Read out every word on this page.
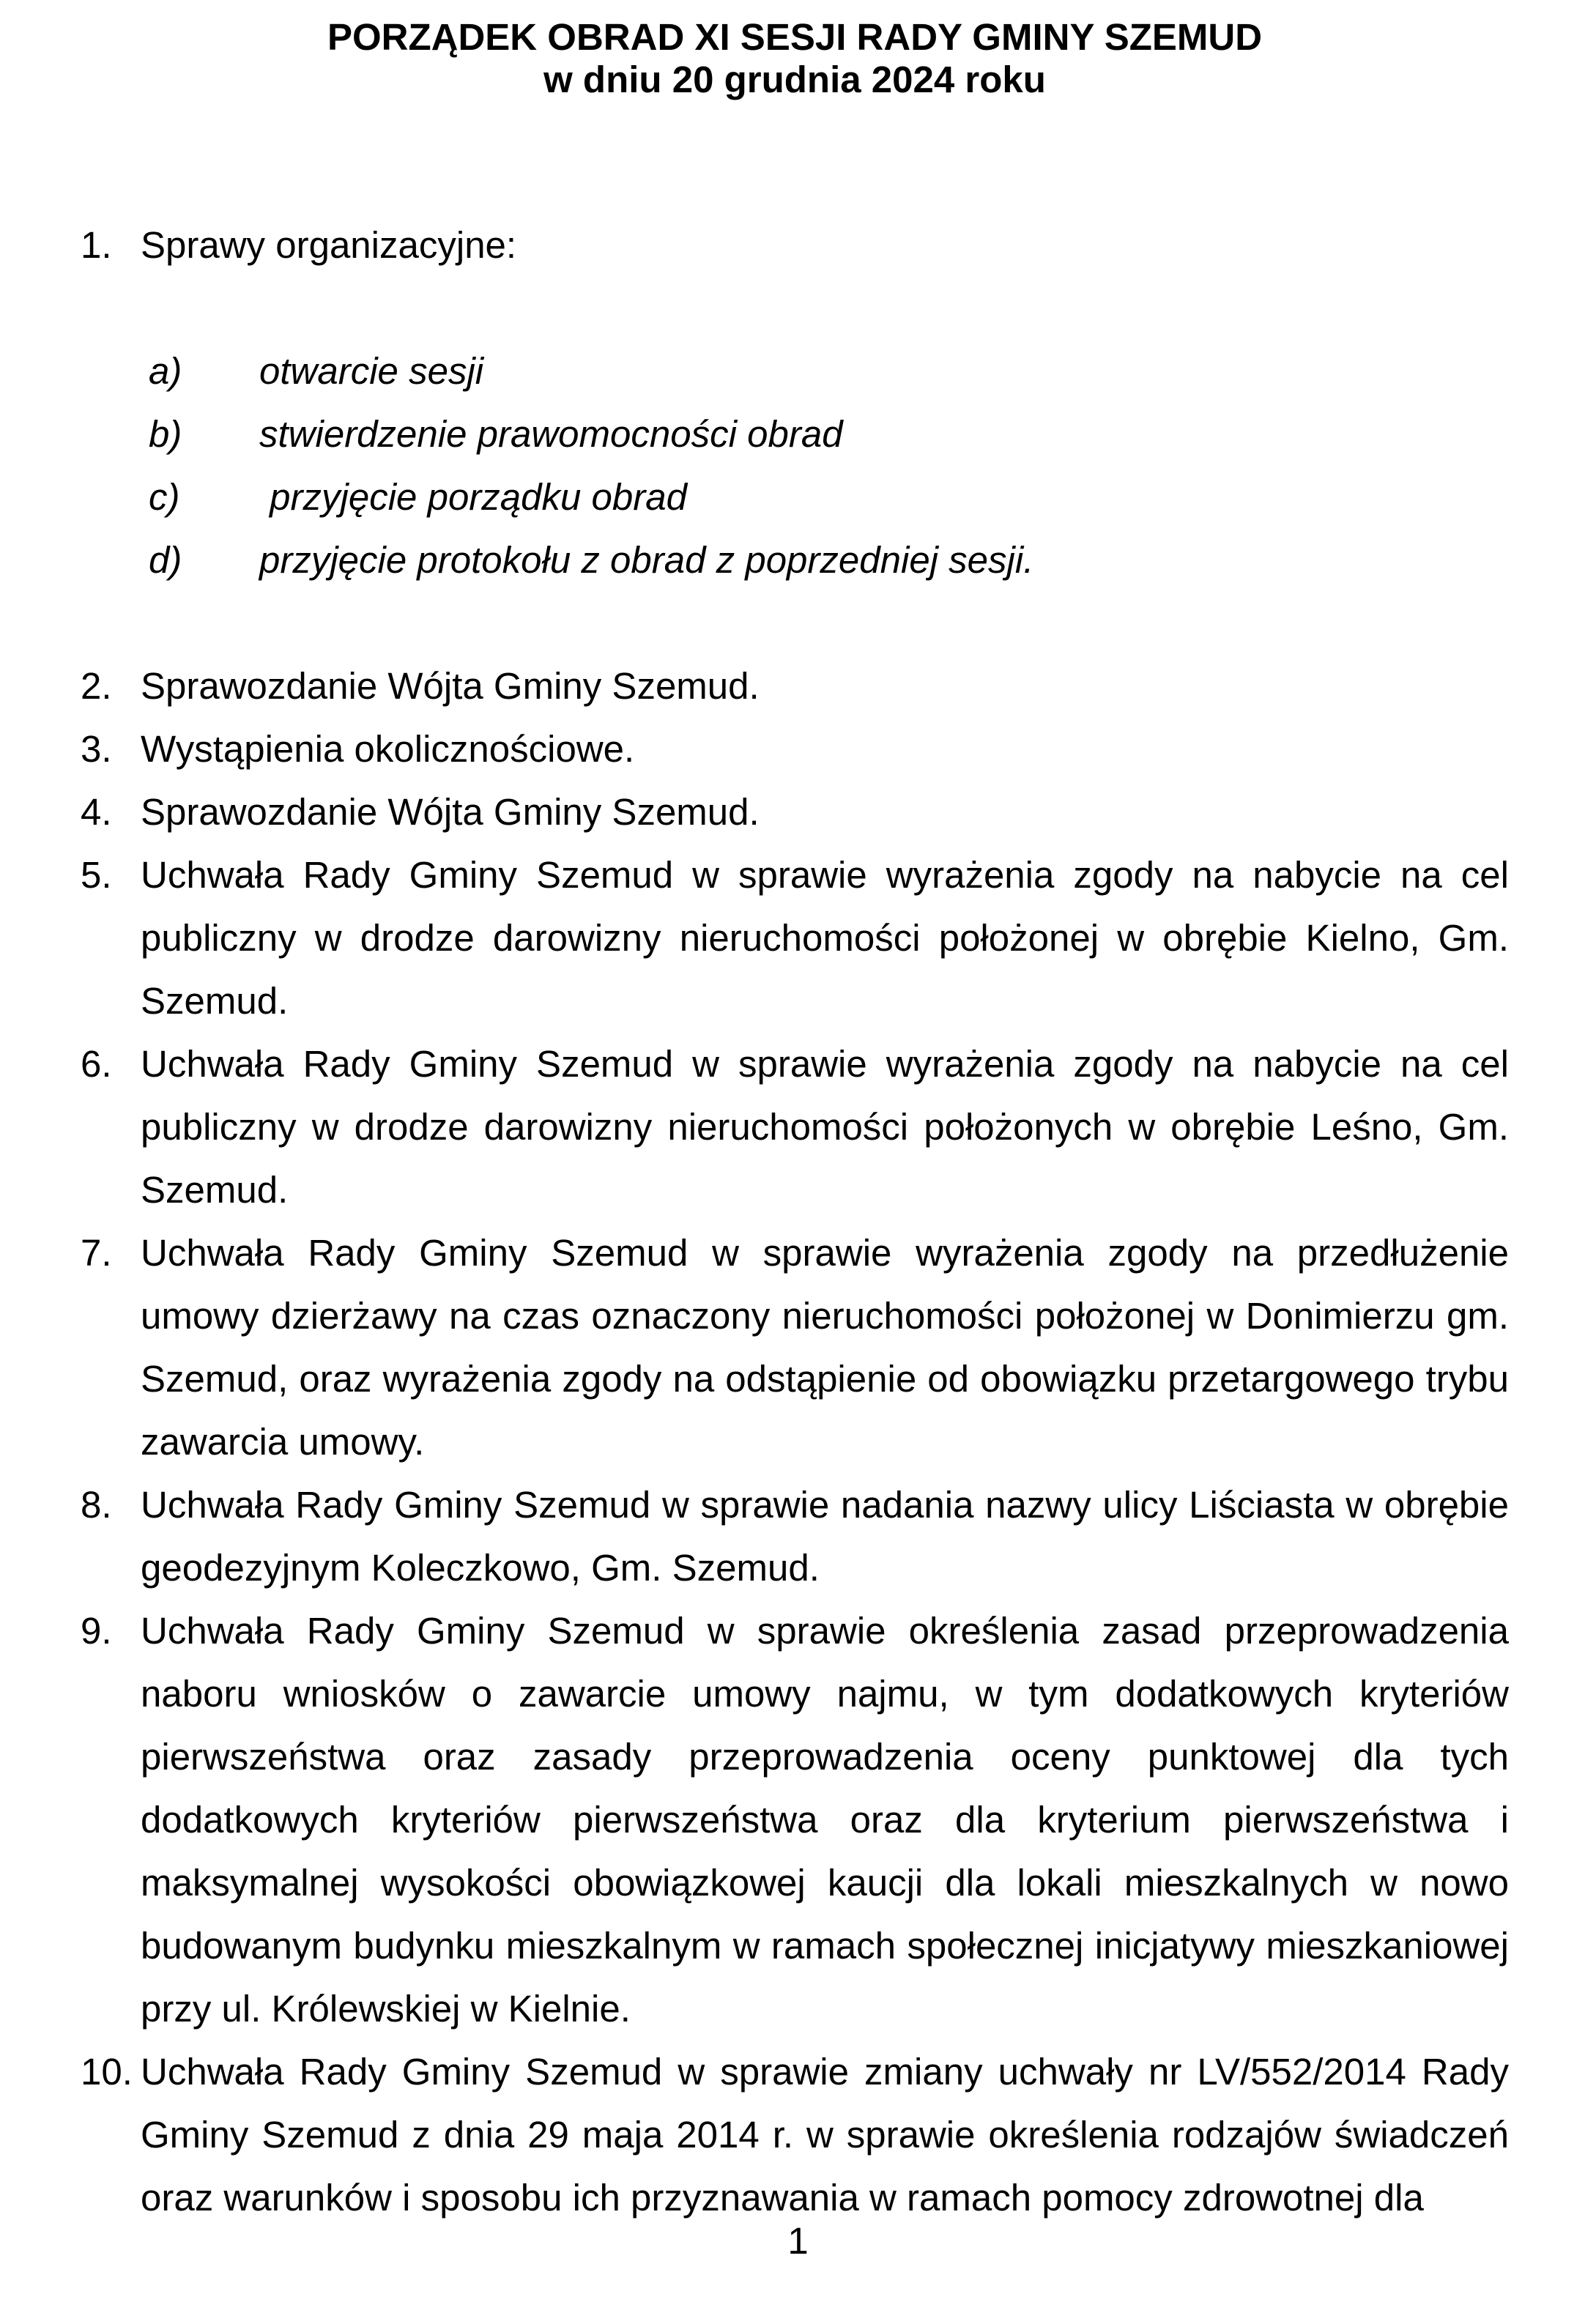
PORZĄDEK OBRAD XI SESJI RADY GMINY SZEMUD
w dniu 20 grudnia 2024 roku
1. Sprawy organizacyjne:
a) otwarcie sesji
b) stwierdzenie prawomocności obrad
c) przyjęcie porządku obrad
d) przyjęcie protokołu z obrad z poprzedniej sesji.
2. Sprawozdanie Wójta Gminy Szemud.
3. Wystąpienia okolicznościowe.
4. Sprawozdanie Wójta Gminy Szemud.
5. Uchwała Rady Gminy Szemud w sprawie wyrażenia zgody na nabycie na cel publiczny w drodze darowizny nieruchomości położonej w obrębie Kielno, Gm. Szemud.
6. Uchwała Rady Gminy Szemud w sprawie wyrażenia zgody na nabycie na cel publiczny w drodze darowizny nieruchomości położonych w obrębie Leśno, Gm. Szemud.
7. Uchwała Rady Gminy Szemud w sprawie wyrażenia zgody na przedłużenie umowy dzierżawy na czas oznaczony nieruchomości położonej w Donimierzu gm. Szemud, oraz wyrażenia zgody na odstąpienie od obowiązku przetargowego trybu zawarcia umowy.
8. Uchwała Rady Gminy Szemud w sprawie nadania nazwy ulicy Liściasta w obrębie geodezyjnym Koleczkowo, Gm. Szemud.
9. Uchwała Rady Gminy Szemud w sprawie określenia zasad przeprowadzenia naboru wniosków o zawarcie umowy najmu, w tym dodatkowych kryteriów pierwszeństwa oraz zasady przeprowadzenia oceny punktowej dla tych dodatkowych kryteriów pierwszeństwa oraz dla kryterium pierwszeństwa i maksymalnej wysokości obowiązkowej kaucji dla lokali mieszkalnych w nowo budowanym budynku mieszkalnym w ramach społecznej inicjatywy mieszkaniowej przy ul. Królewskiej w Kielnie.
10. Uchwała Rady Gminy Szemud w sprawie zmiany uchwały nr LV/552/2014 Rady Gminy Szemud z dnia 29 maja 2014 r. w sprawie określenia rodzajów świadczeń oraz warunków i sposobu ich przyznawania w ramach pomocy zdrowotnej dla
1
